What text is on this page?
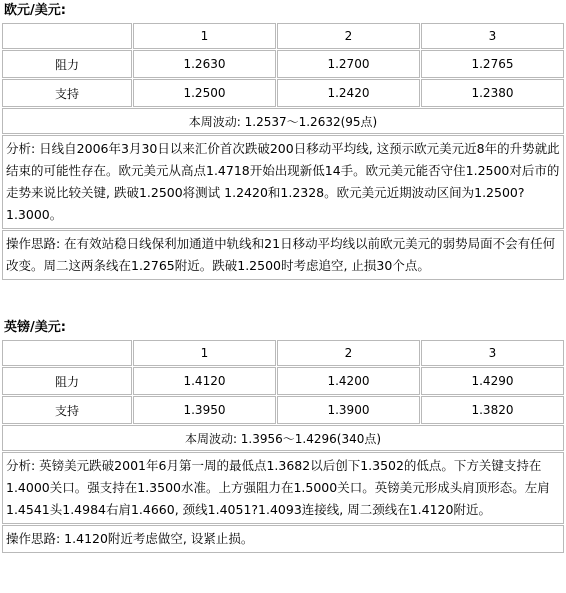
欧元/美元:
	1	2	3
阻力	1.2630	1.2700	1.2765
支持	1.2500	1.2420	1.2380
本周波动: 1.2537～1.2632(95点)			
分析: 日线自2006年3月30日以来汇价首次跌破200日移动平均线, 这预示欧元美元近8年的升势就此结束的可能性存在。欧元美元从高点1.4718开始出现新低14手。欧元美元能否守住1.2500对后市的走势来说比较关键, 跌破1.2500将测试 1.2420和1.2328。欧元美元近期波动区间为1.2500?1.3000。			
操作思路: 在有效站稳日线保利加通道中轨线和21日移动平均线以前欧元美元的弱势局面不会有任何改变。周二这两条线在1.2765附近。跌破1.2500时考虑追空, 止损30个点。			
英镑/美元:
	1	2	3
阻力	1.4120	1.4200	1.4290
支持	1.3950	1.3900	1.3820
本周波动: 1.3956～1.4296(340点)			
分析: 英镑美元跌破2001年6月第一周的最低点1.3682以后创下1.3502的低点。下方关键支持在1.4000关口。强支持在1.3500水准。上方强阻力在1.5000关口。英镑美元形成头肩顶形态。左肩1.4541头1.4984右肩1.4660, 颈线1.4051?1.4093连接线, 周二颈线在1.4120附近。			
操作思路: 1.4120附近考虑做空, 设紧止损。			
